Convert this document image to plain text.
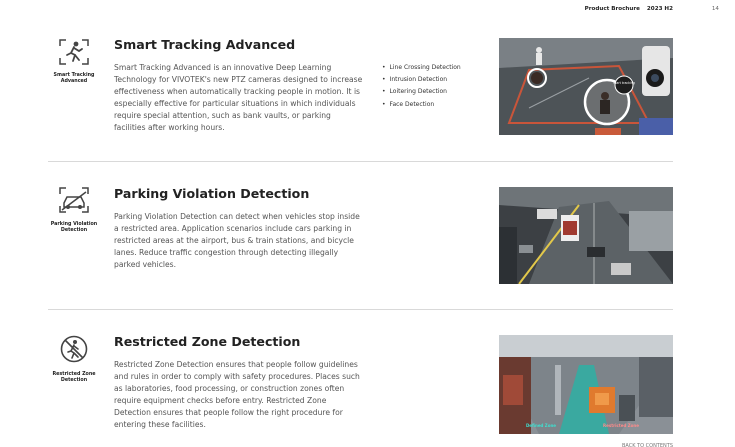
Product Brochure 2023 H2	14
Smart Tracking Advanced
Smart Tracking Advanced
Smart Tracking Advanced is an innovative Deep Learning Technology for VIVOTEK's new PTZ cameras designed to increase effectiveness when automatically tracking people in motion. It is especially effective for particular situations in which individuals require special attention, such as bank vaults, or parking facilities after working hours.
• Line Crossing Detection
• Intrusion Detection
• Loitering Detection
• Face Detection
Start tracking
Parking Violation Detection
Parking Violation Detection
Parking Violation Detection can detect when vehicles stop inside a restricted area. Application scenarios include cars parking in restricted areas at the airport, bus & train stations, and bicycle lanes. Reduce traffic congestion through detecting illegally parked vehicles.
Restricted Zone Detection
Restricted Zone Detection
Restricted Zone Detection ensures that people follow guidelines and rules in order to comply with safety procedures. Places such as laboratories, food processing, or construction zones often require equipment checks before entry. Restricted Zone Detection ensures that people follow the right procedure for entering these facilities.	Defined Zone	Restricted Zone
BACK TO CONTENTS
